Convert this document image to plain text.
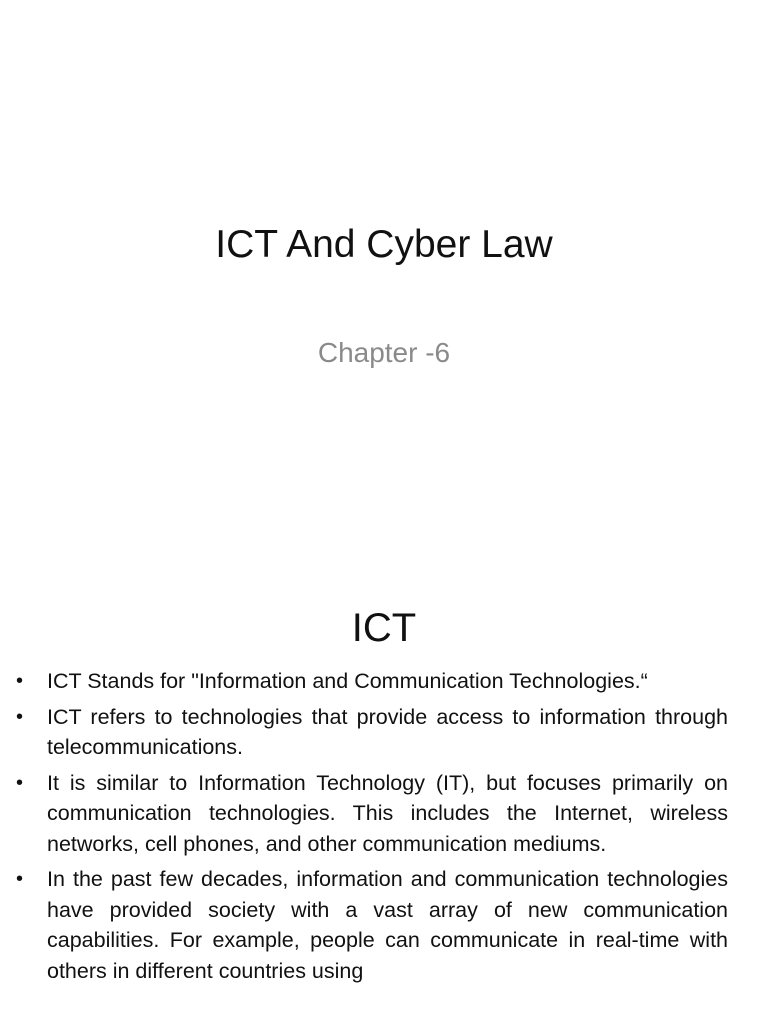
ICT And Cyber Law
Chapter -6
ICT
• ICT Stands for "Information and Communication Technologies.“
• ICT refers to technologies that provide access to information through telecommunications.
• It is similar to Information Technology (IT), but focuses primarily on communication technologies. This includes the Internet, wireless networks, cell phones, and other communication mediums.
• In the past few decades, information and communication technologies have provided society with a vast array of new communication capabilities. For example, people can communicate in real-time with others in different countries using
